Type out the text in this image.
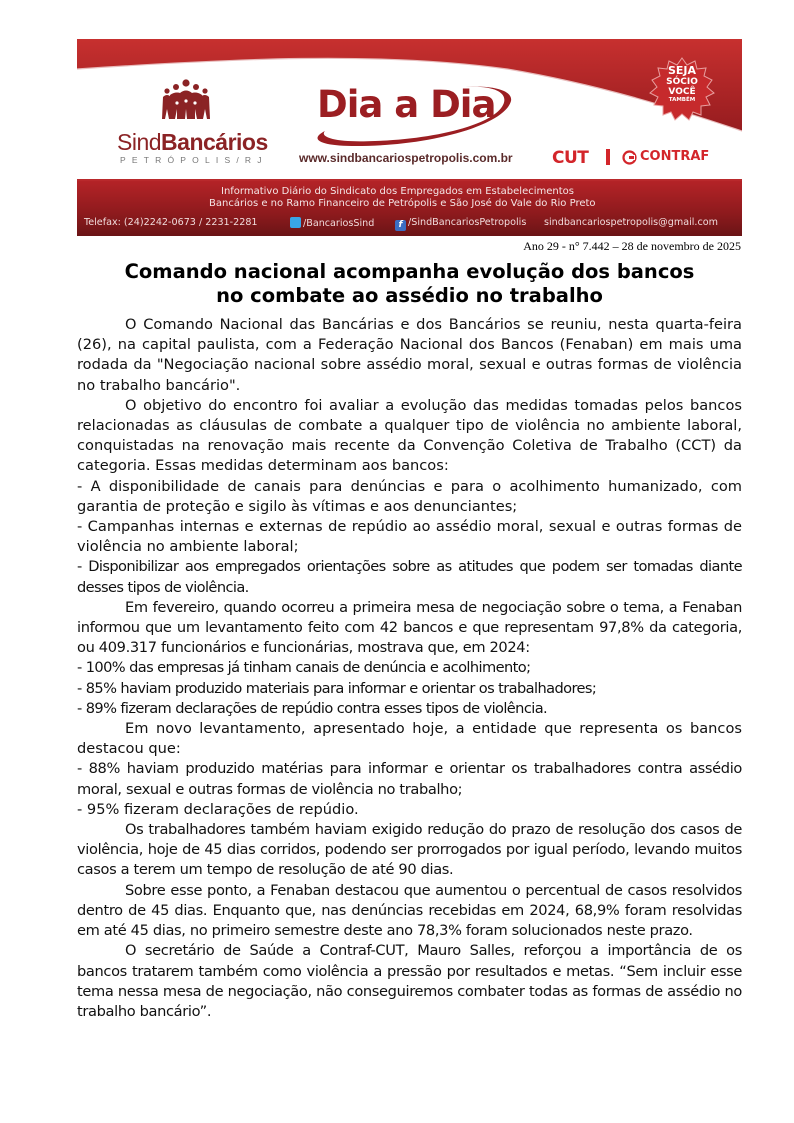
SindBancários
PETRÓPOLIS/RJ
Dia a Dia
www.sindbancariospetropolis.com.br
SEJA
SÓCIO
VOCÊ
TAMBÉM
CUT	CONTRAF
Informativo Diário do Sindicato dos Empregados em Estabelecimentos
Bancários e no Ramo Financeiro de Petrópolis e São José do Vale do Rio Preto
Telefax: (24)2242-0673 / 2231-2281	/BancariosSind	f /SindBancariosPetropolis sindbancariospetropolis@gmail.com
Ano 29 - n° 7.442 – 28 de novembro de 2025
Comando nacional acompanha evolução dos bancos
no combate ao assédio no trabalho

O Comando Nacional das Bancárias e dos Bancários se reuniu, nesta quarta-feira (26), na capital paulista, com a Federação Nacional dos Bancos (Fenaban) em mais uma rodada da "Negociação nacional sobre assédio moral, sexual e outras formas de violência no trabalho bancário".

O objetivo do encontro foi avaliar a evolução das medidas tomadas pelos bancos relacionadas as cláusulas de combate a qualquer tipo de violência no ambiente laboral, conquistadas na renovação mais recente da Convenção Coletiva de Trabalho (CCT) da categoria. Essas medidas determinam aos bancos:

- A disponibilidade de canais para denúncias e para o acolhimento humanizado, com garantia de proteção e sigilo às vítimas e aos denunciantes;

- Campanhas internas e externas de repúdio ao assédio moral, sexual e outras formas de violência no ambiente laboral;

- Disponibilizar aos empregados orientações sobre as atitudes que podem ser tomadas diante desses tipos de violência.

Em fevereiro, quando ocorreu a primeira mesa de negociação sobre o tema, a Fenaban informou que um levantamento feito com 42 bancos e que representam 97,8% da categoria, ou 409.317 funcionários e funcionárias, mostrava que, em 2024:

- 100% das empresas já tinham canais de denúncia e acolhimento;

- 85% haviam produzido materiais para informar e orientar os trabalhadores;

- 89% fizeram declarações de repúdio contra esses tipos de violência.

Em novo levantamento, apresentado hoje, a entidade que representa os bancos destacou que:

- 88% haviam produzido matérias para informar e orientar os trabalhadores contra assédio moral, sexual e outras formas de violência no trabalho;

- 95% fizeram declarações de repúdio.

Os trabalhadores também haviam exigido redução do prazo de resolução dos casos de violência, hoje de 45 dias corridos, podendo ser prorrogados por igual período, levando muitos casos a terem um tempo de resolução de até 90 dias.

Sobre esse ponto, a Fenaban destacou que aumentou o percentual de casos resolvidos dentro de 45 dias. Enquanto que, nas denúncias recebidas em 2024, 68,9% foram resolvidas em até 45 dias, no primeiro semestre deste ano 78,3% foram solucionados neste prazo.

O secretário de Saúde a Contraf-CUT, Mauro Salles, reforçou a importância de os bancos tratarem também como violência a pressão por resultados e metas. “Sem incluir esse tema nessa mesa de negociação, não conseguiremos combater todas as formas de assédio no trabalho bancário”.
